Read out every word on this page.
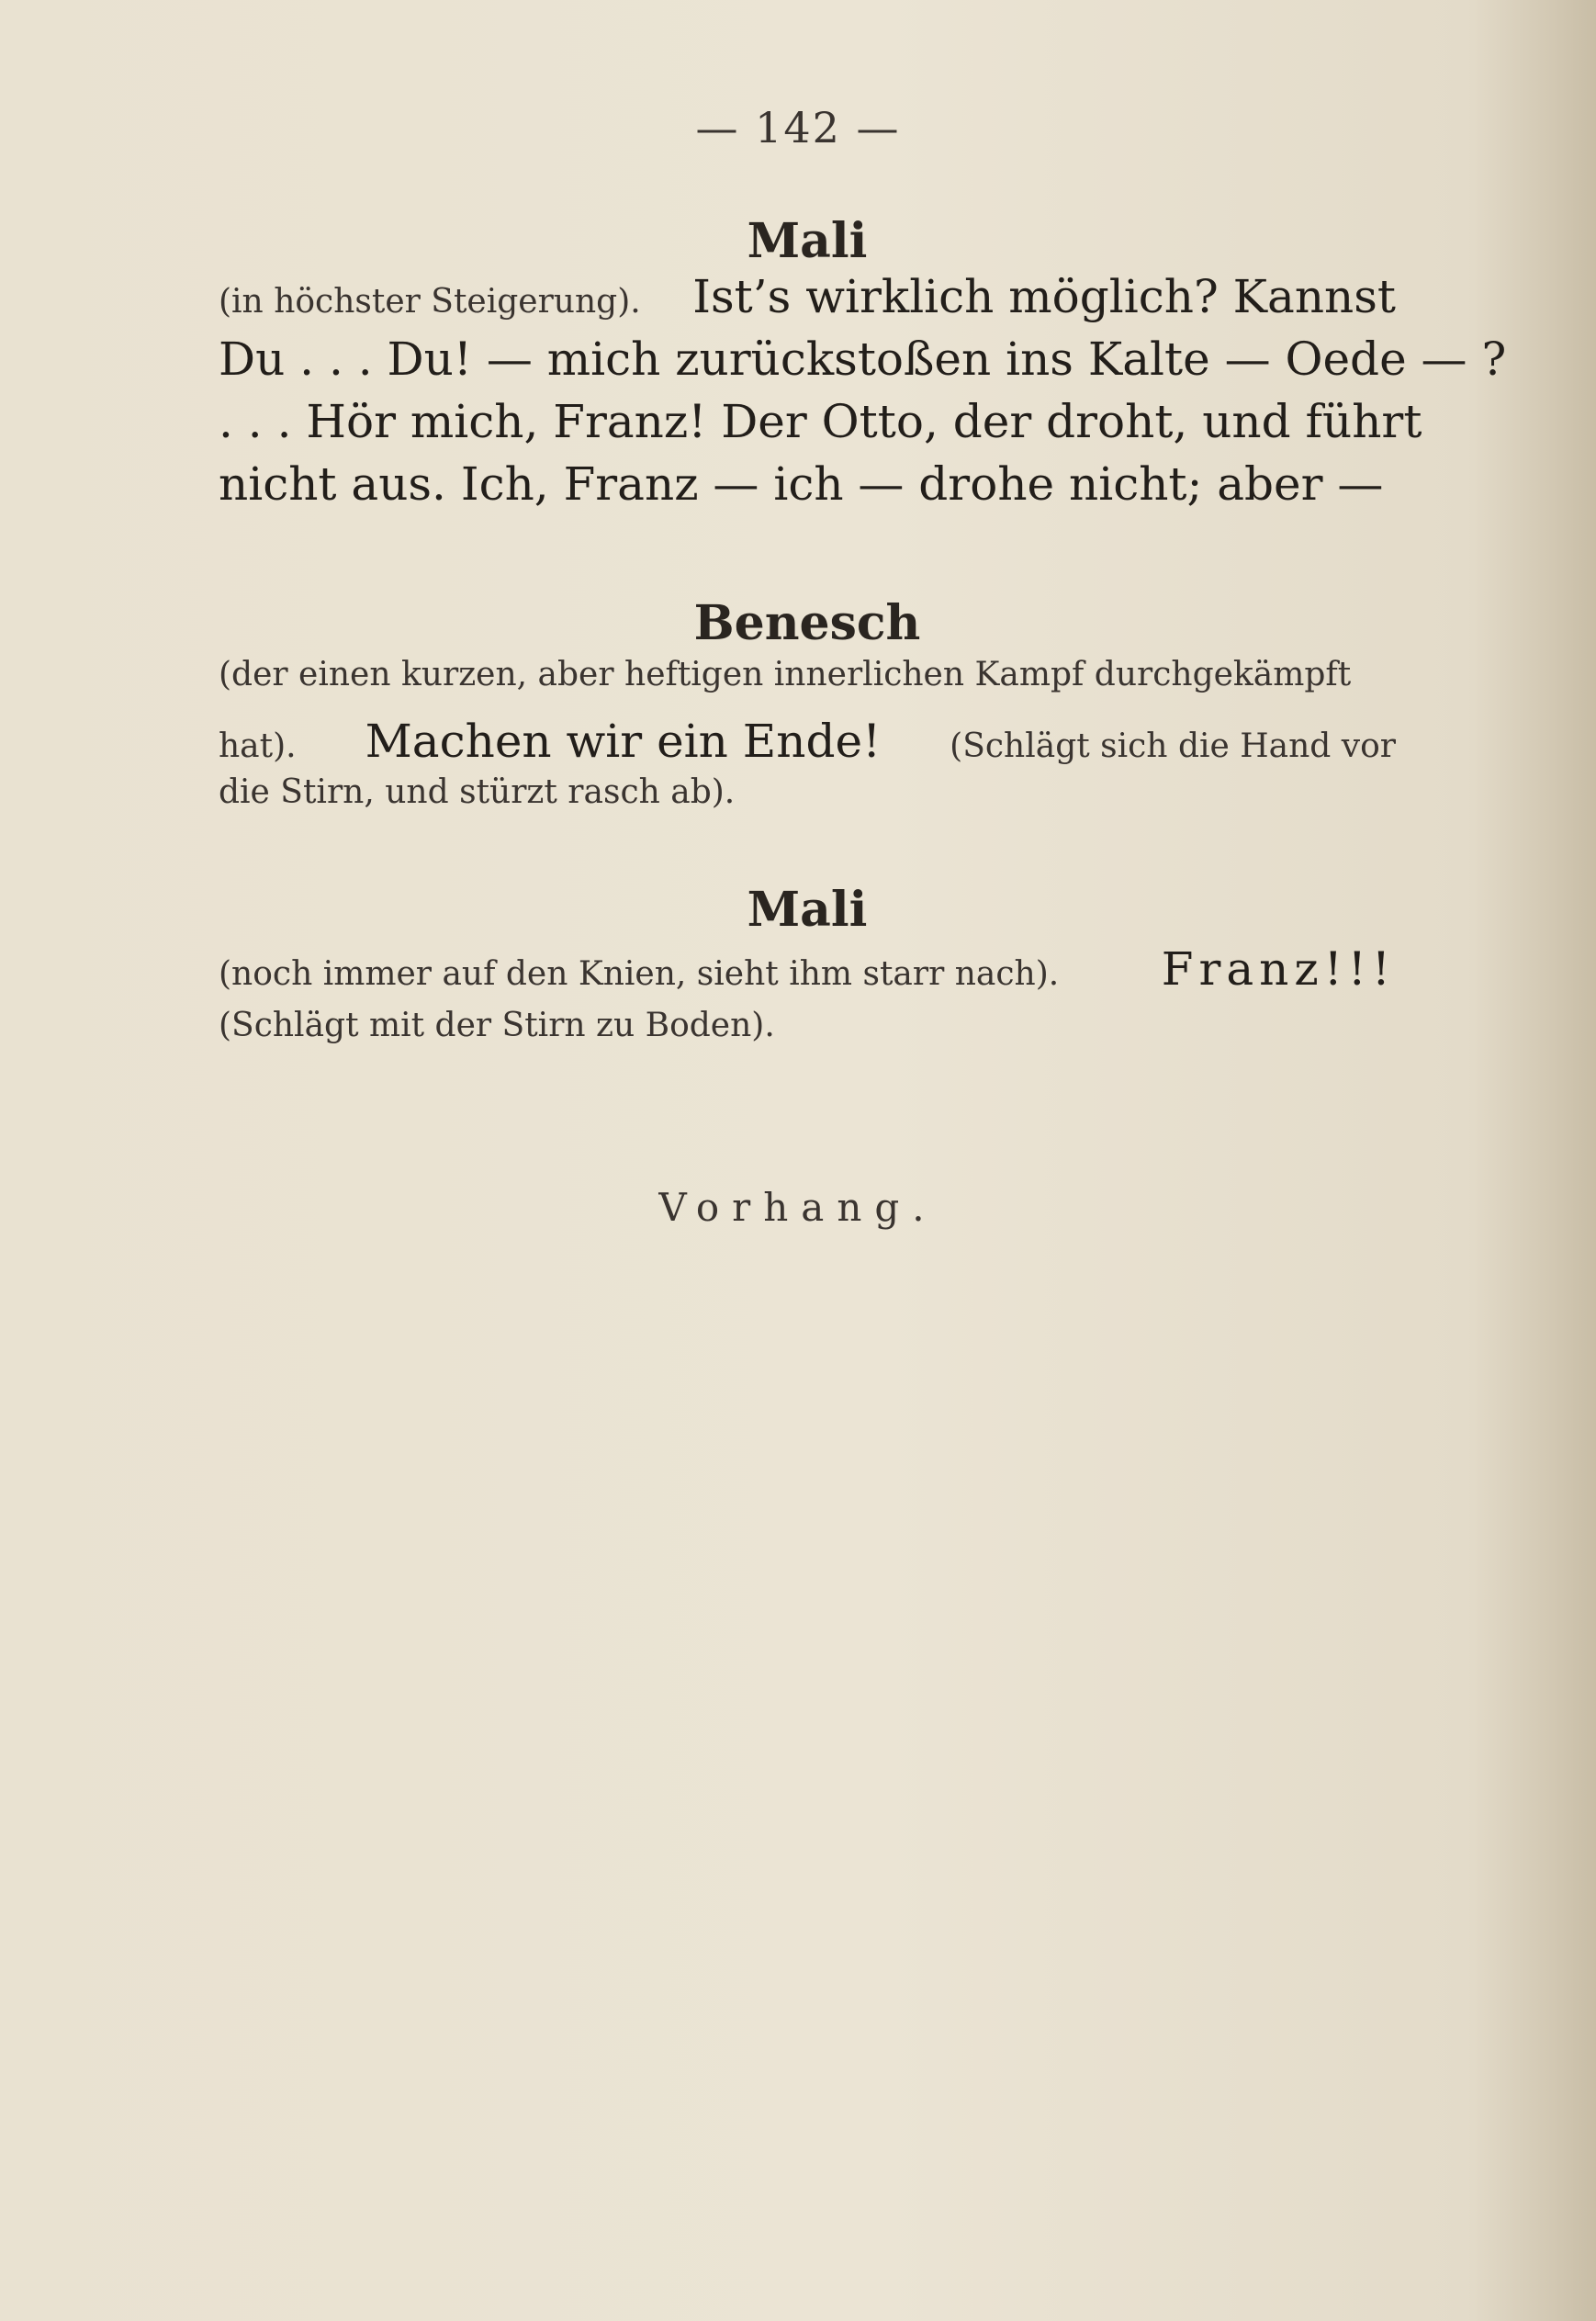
— 142 —
Mali
(in höchster Steigerung). Ist’s wirklich möglich? Kannst
Du . . . Du! — mich zurückstoßen ins Kalte — Oede — ?
. . . Hör mich, Franz! Der Otto, der droht, und führt
nicht aus. Ich, Franz — ich — drohe nicht; aber —
Benesch
(der einen kurzen, aber heftigen innerlichen Kampf durchgekämpft
hat). Machen wir ein Ende! (Schlägt sich die Hand vor
die Stirn, und stürzt rasch ab).
Mali
(noch immer auf den Knien, sieht ihm starr nach). Franz!!!
(Schlägt mit der Stirn zu Boden).
Vorhang.
